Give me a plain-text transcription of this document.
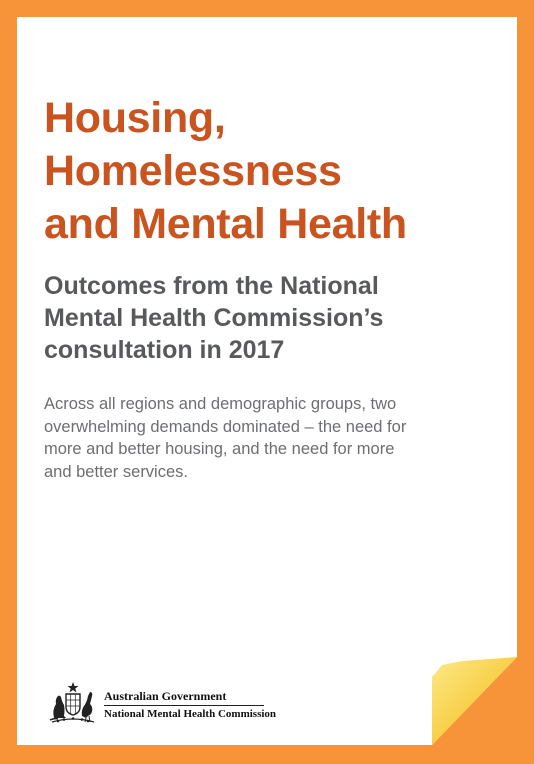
Housing,
Homelessness
and Mental Health
Outcomes from the National
Mental Health Commission’s
consultation in 2017

Across all regions and demographic groups, two
overwhelming demands dominated – the need for
more and better housing, and the need for more
and better services.

Australian Government
National Mental Health Commission
